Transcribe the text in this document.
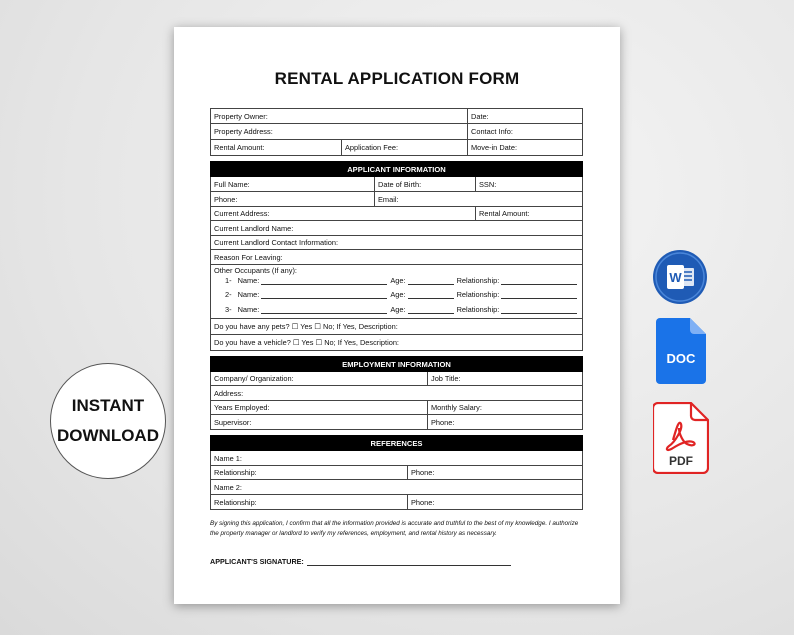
RENTAL APPLICATION FORM
Property Owner:	Date:
Property Address:	Contact Info:
Rental Amount:	Application Fee:	Move-in Date:
APPLICANT INFORMATION
Full Name:	Date of Birth:	SSN:
Phone:	Email:
Current Address:	Rental Amount:
Current Landlord Name:
Current Landlord Contact Information:
Reason For Leaving:
Other Occupants (If any):
1- Name:	Age:	Relationship:
2- Name:	Age:	Relationship:
3- Name:	Age:	Relationship:
Do you have any pets? ☐ Yes ☐ No; If Yes, Description:
Do you have a vehicle? ☐ Yes ☐ No; If Yes, Description:
EMPLOYMENT INFORMATION
Company/ Organization:	Job Title:
Address:
Years Employed:	Monthly Salary:
Supervisor:	Phone:
REFERENCES
Name 1:
Relationship:	Phone:
Name 2:
Relationship:	Phone:
By signing this application, I confirm that all the information provided is accurate and truthful to the best of my knowledge. I authorize the property manager or landlord to verify my references, employment, and rental history as necessary.
APPLICANT'S SIGNATURE:
INSTANT
DOWNLOAD
W
DOC
PDF
